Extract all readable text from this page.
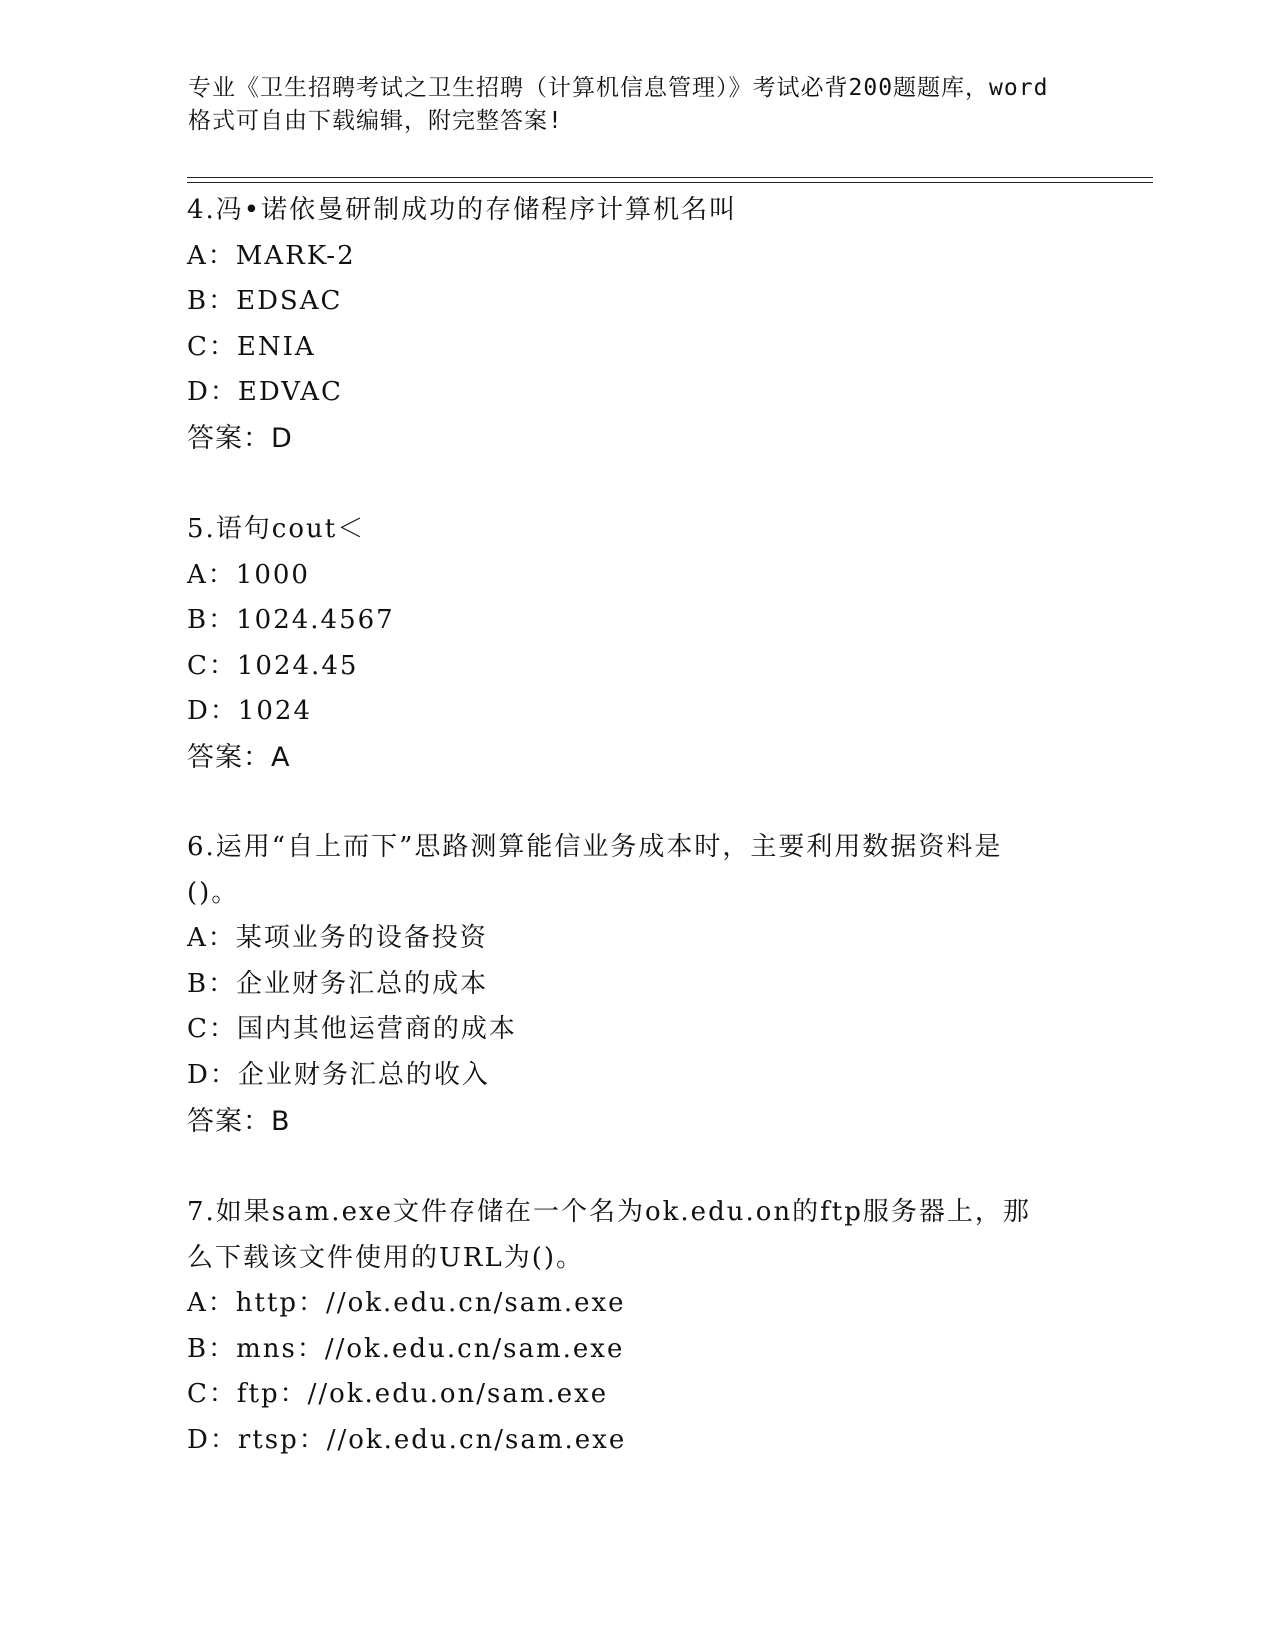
专业《卫生招聘考试之卫生招聘（计算机信息管理）》考试必背200题题库，word
格式可自由下载编辑，附完整答案!
4.冯•诺依曼研制成功的存储程序计算机名叫
A：MARK-2
B：EDSAC
C：ENIA
D：EDVAC
答案：D
5.语句cout＜
A：1000
B：1024.4567
C：1024.45
D：1024
答案：A
6.运用“自上而下”思路测算能信业务成本时，主要利用数据资料是
()。
A：某项业务的设备投资
B：企业财务汇总的成本
C：国内其他运营商的成本
D：企业财务汇总的收入
答案：B
7.如果sam.exe文件存储在一个名为ok.edu.on的ftp服务器上，那
么下载该文件使用的URL为()。
A：http：//ok.edu.cn/sam.exe
B：mns：//ok.edu.cn/sam.exe
C：ftp：//ok.edu.on/sam.exe
D：rtsp：//ok.edu.cn/sam.exe
